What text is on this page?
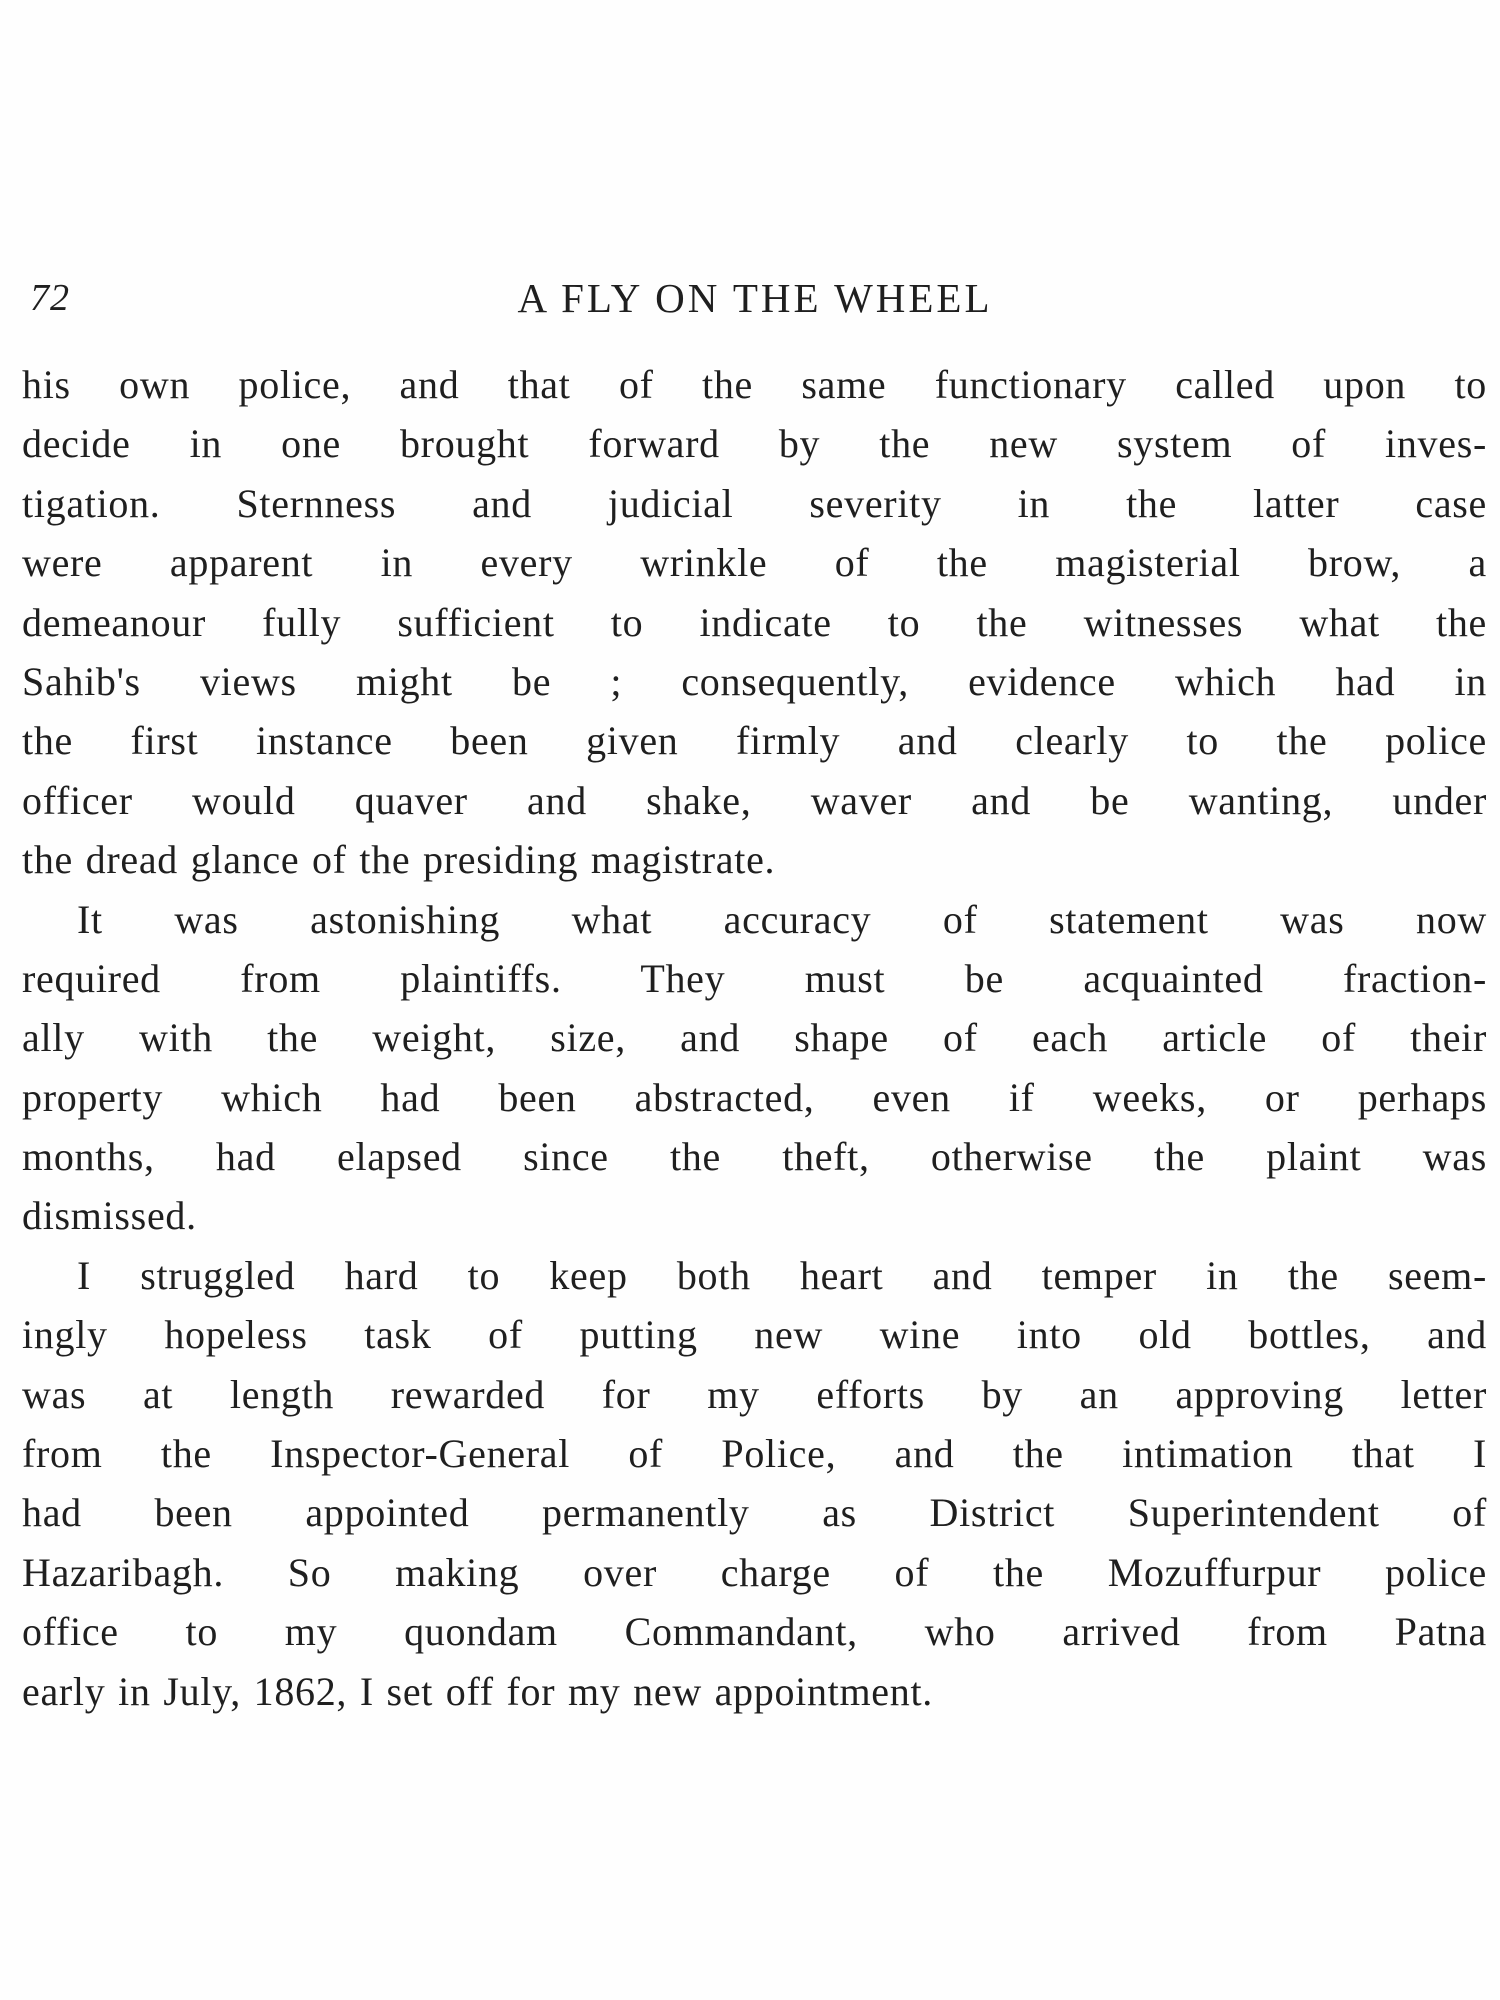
72	A FLY ON THE WHEEL
his own police, and that of the same functionary called upon to
decide in one brought forward by the new system of inves-
tigation. Sternness and judicial severity in the latter case
were apparent in every wrinkle of the magisterial brow, a
demeanour fully sufficient to indicate to the witnesses what the
Sahib's views might be ; consequently, evidence which had in
the first instance been given firmly and clearly to the police
officer would quaver and shake, waver and be wanting, under
the dread glance of the presiding magistrate.
It was astonishing what accuracy of statement was now
required from plaintiffs. They must be acquainted fraction-
ally with the weight, size, and shape of each article of their
property which had been abstracted, even if weeks, or perhaps
months, had elapsed since the theft, otherwise the plaint was
dismissed.
I struggled hard to keep both heart and temper in the seem-
ingly hopeless task of putting new wine into old bottles, and
was at length rewarded for my efforts by an approving letter
from the Inspector-General of Police, and the intimation that I
had been appointed permanently as District Superintendent of
Hazaribagh. So making over charge of the Mozuffurpur police
office to my quondam Commandant, who arrived from Patna
early in July, 1862, I set off for my new appointment.
